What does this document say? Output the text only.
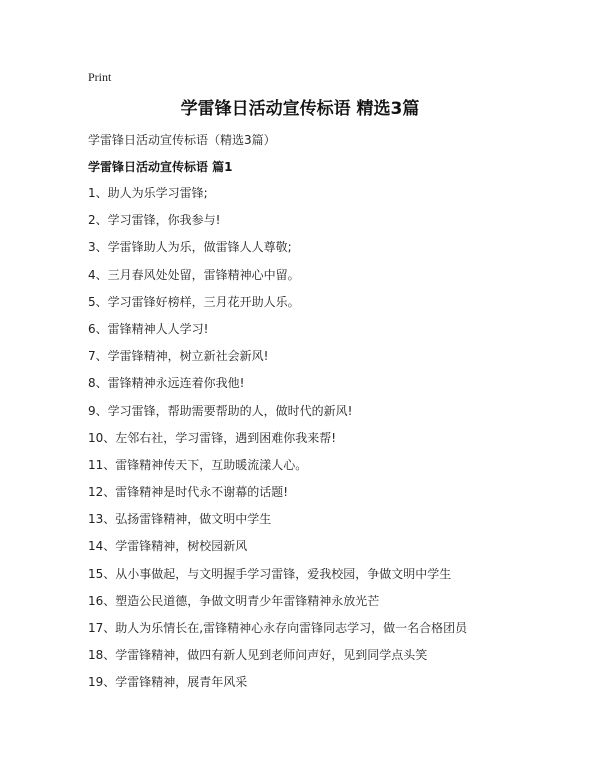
Print
学雷锋日活动宣传标语 精选3篇
学雷锋日活动宣传标语（精选3篇）
学雷锋日活动宣传标语 篇1
1、助人为乐学习雷锋;
2、学习雷锋，你我参与!
3、学雷锋助人为乐，做雷锋人人尊敬;
4、三月春风处处留，雷锋精神心中留。
5、学习雷锋好榜样，三月花开助人乐。
6、雷锋精神人人学习!
7、学雷锋精神，树立新社会新风!
8、雷锋精神永远连着你我他!
9、学习雷锋，帮助需要帮助的人，做时代的新风!
10、左邻右社，学习雷锋，遇到困难你我来帮!
11、雷锋精神传天下，互助暖流漾人心。
12、雷锋精神是时代永不谢幕的话题!
13、弘扬雷锋精神，做文明中学生
14、学雷锋精神，树校园新风
15、从小事做起，与文明握手学习雷锋，爱我校园，争做文明中学生
16、塑造公民道德，争做文明青少年雷锋精神永放光芒
17、助人为乐情长在,雷锋精神心永存向雷锋同志学习，做一名合格团员
18、学雷锋精神，做四有新人见到老师问声好，见到同学点头笑
19、学雷锋精神，展青年风采
